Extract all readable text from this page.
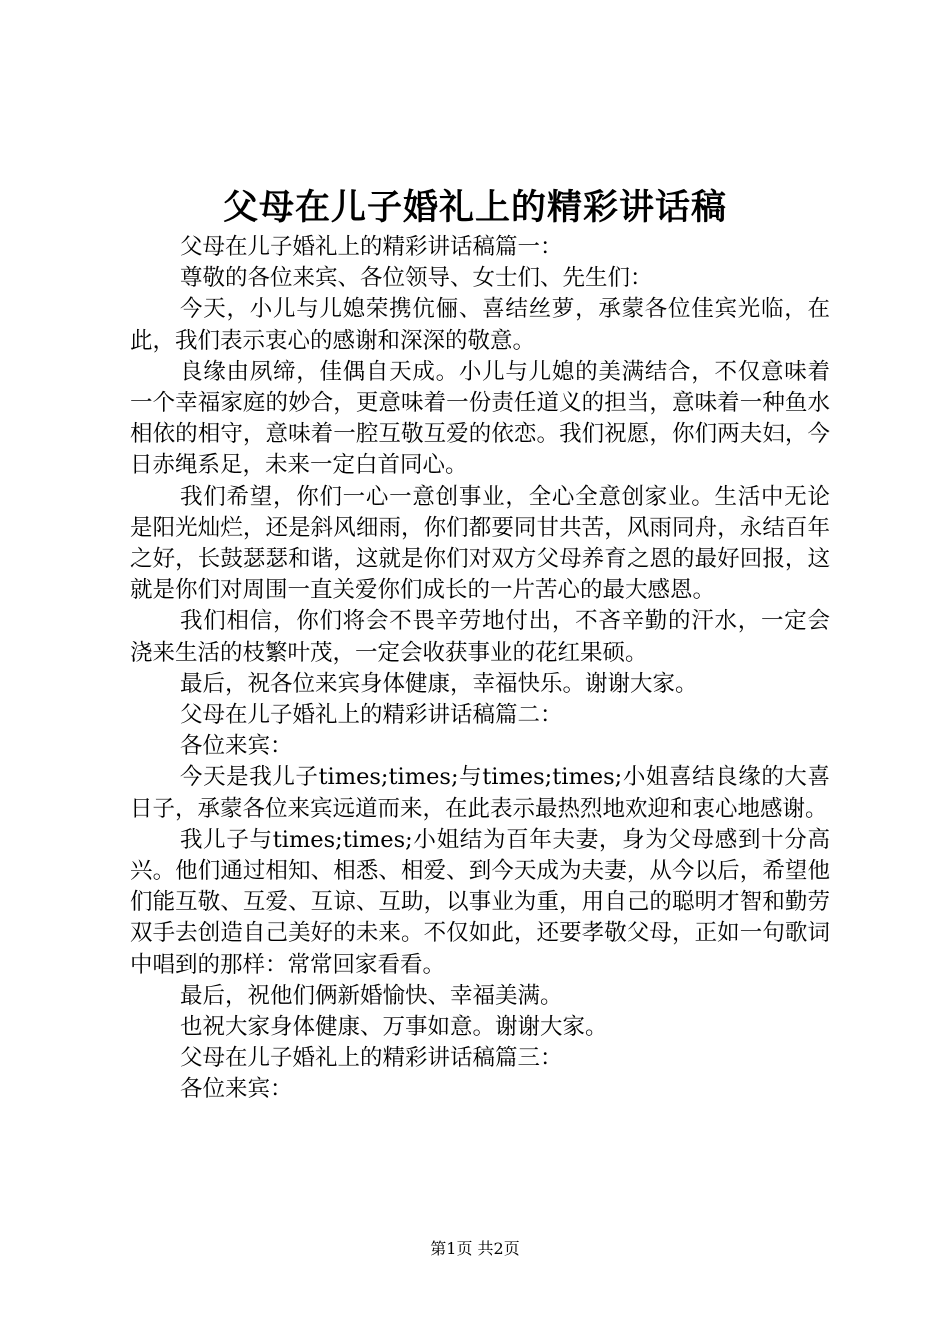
父母在儿子婚礼上的精彩讲话稿

父母在儿子婚礼上的精彩讲话稿篇一：

尊敬的各位来宾、各位领导、女士们、先生们：

今天，小儿与儿媳荣携伉俪、喜结丝萝，承蒙各位佳宾光临，在此，我们表示衷心的感谢和深深的敬意。

良缘由夙缔，佳偶自天成。小儿与儿媳的美满结合，不仅意味着一个幸福家庭的妙合，更意味着一份责任道义的担当，意味着一种鱼水相依的相守，意味着一腔互敬互爱的依恋。我们祝愿，你们两夫妇，今日赤绳系足，未来一定白首同心。

我们希望，你们一心一意创事业，全心全意创家业。生活中无论是阳光灿烂，还是斜风细雨，你们都要同甘共苦，风雨同舟，永结百年之好，长鼓瑟瑟和谐，这就是你们对双方父母养育之恩的最好回报，这就是你们对周围一直关爱你们成长的一片苦心的最大感恩。

我们相信，你们将会不畏辛劳地付出，不吝辛勤的汗水，一定会浇来生活的枝繁叶茂，一定会收获事业的花红果硕。

最后，祝各位来宾身体健康，幸福快乐。谢谢大家。

父母在儿子婚礼上的精彩讲话稿篇二：

各位来宾：

今天是我儿子times;times;与times;times;小姐喜结良缘的大喜日子，承蒙各位来宾远道而来，在此表示最热烈地欢迎和衷心地感谢。

我儿子与times;times;小姐结为百年夫妻，身为父母感到十分高兴。他们通过相知、相悉、相爱、到今天成为夫妻，从今以后，希望他们能互敬、互爱、互谅、互助，以事业为重，用自己的聪明才智和勤劳双手去创造自己美好的未来。不仅如此，还要孝敬父母，正如一句歌词中唱到的那样：常常回家看看。

最后，祝他们俩新婚愉快、幸福美满。

也祝大家身体健康、万事如意。谢谢大家。

父母在儿子婚礼上的精彩讲话稿篇三：

各位来宾：

第1页 共2页
